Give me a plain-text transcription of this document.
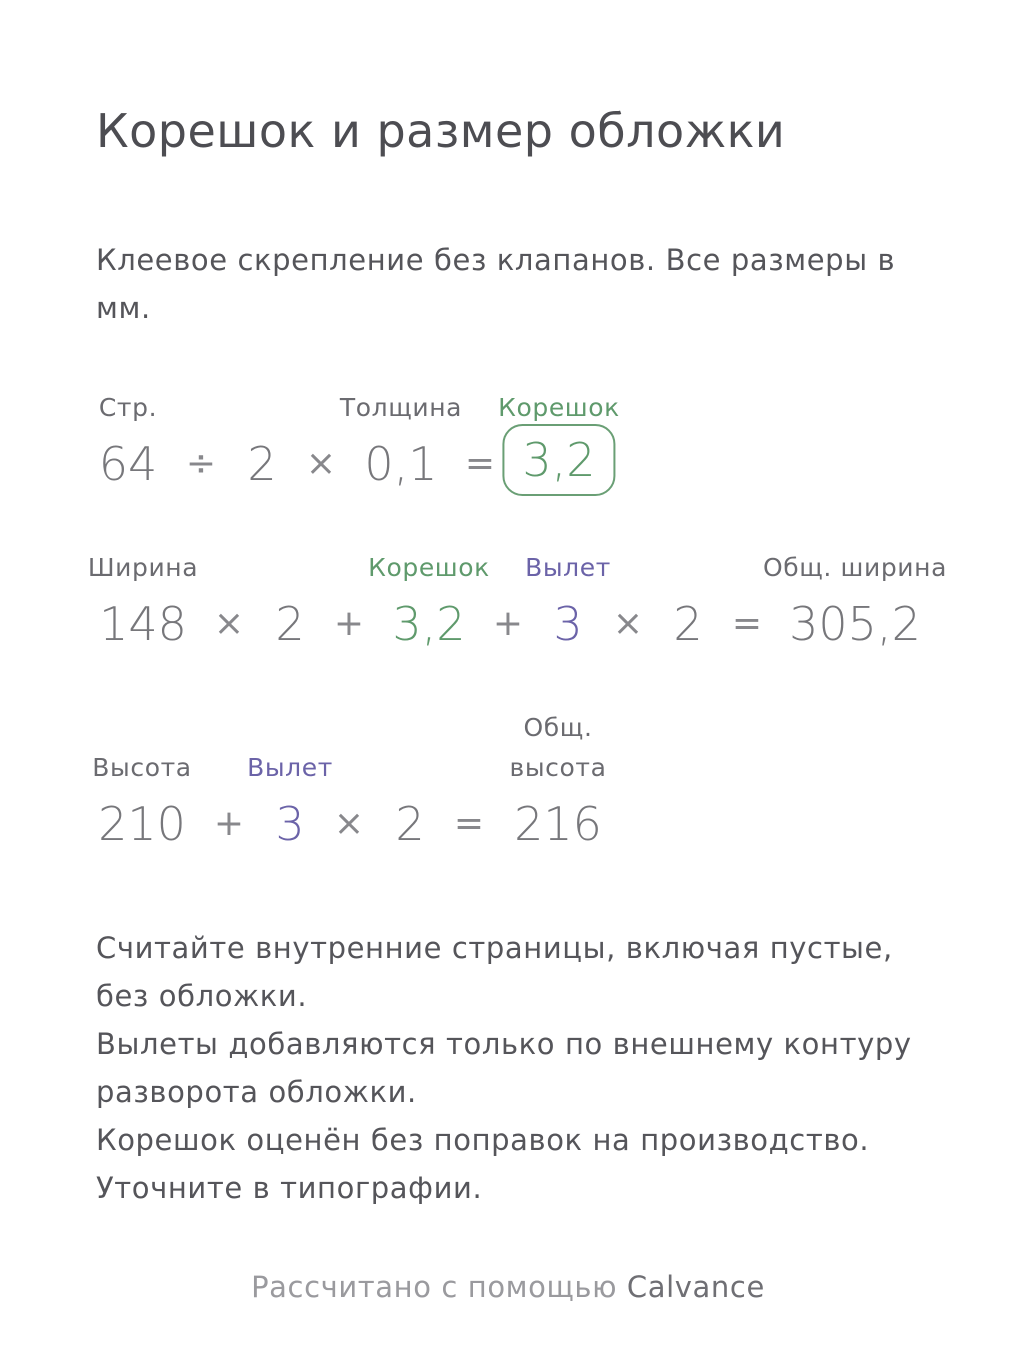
Корешок и размер обложки
Клеевое скрепление без клапанов. Все размеры в мм.
Стр.
64 ÷ 2 ×
Толщина
0,1 =
Корешок
3,2
Ширина
148 × 2 +
Корешок
3,2 +
Вылет
3 × 2 =
Общ. ширина
305,2
Высота
210 +
Вылет
3 × 2 =
Общ. высота
216
Считайте внутренние страницы, включая пустые, без обложки.
Вылеты добавляются только по внешнему контуру разворота обложки.
Корешок оценён без поправок на производство. Уточните в типографии.
Рассчитано с помощью Calvance
